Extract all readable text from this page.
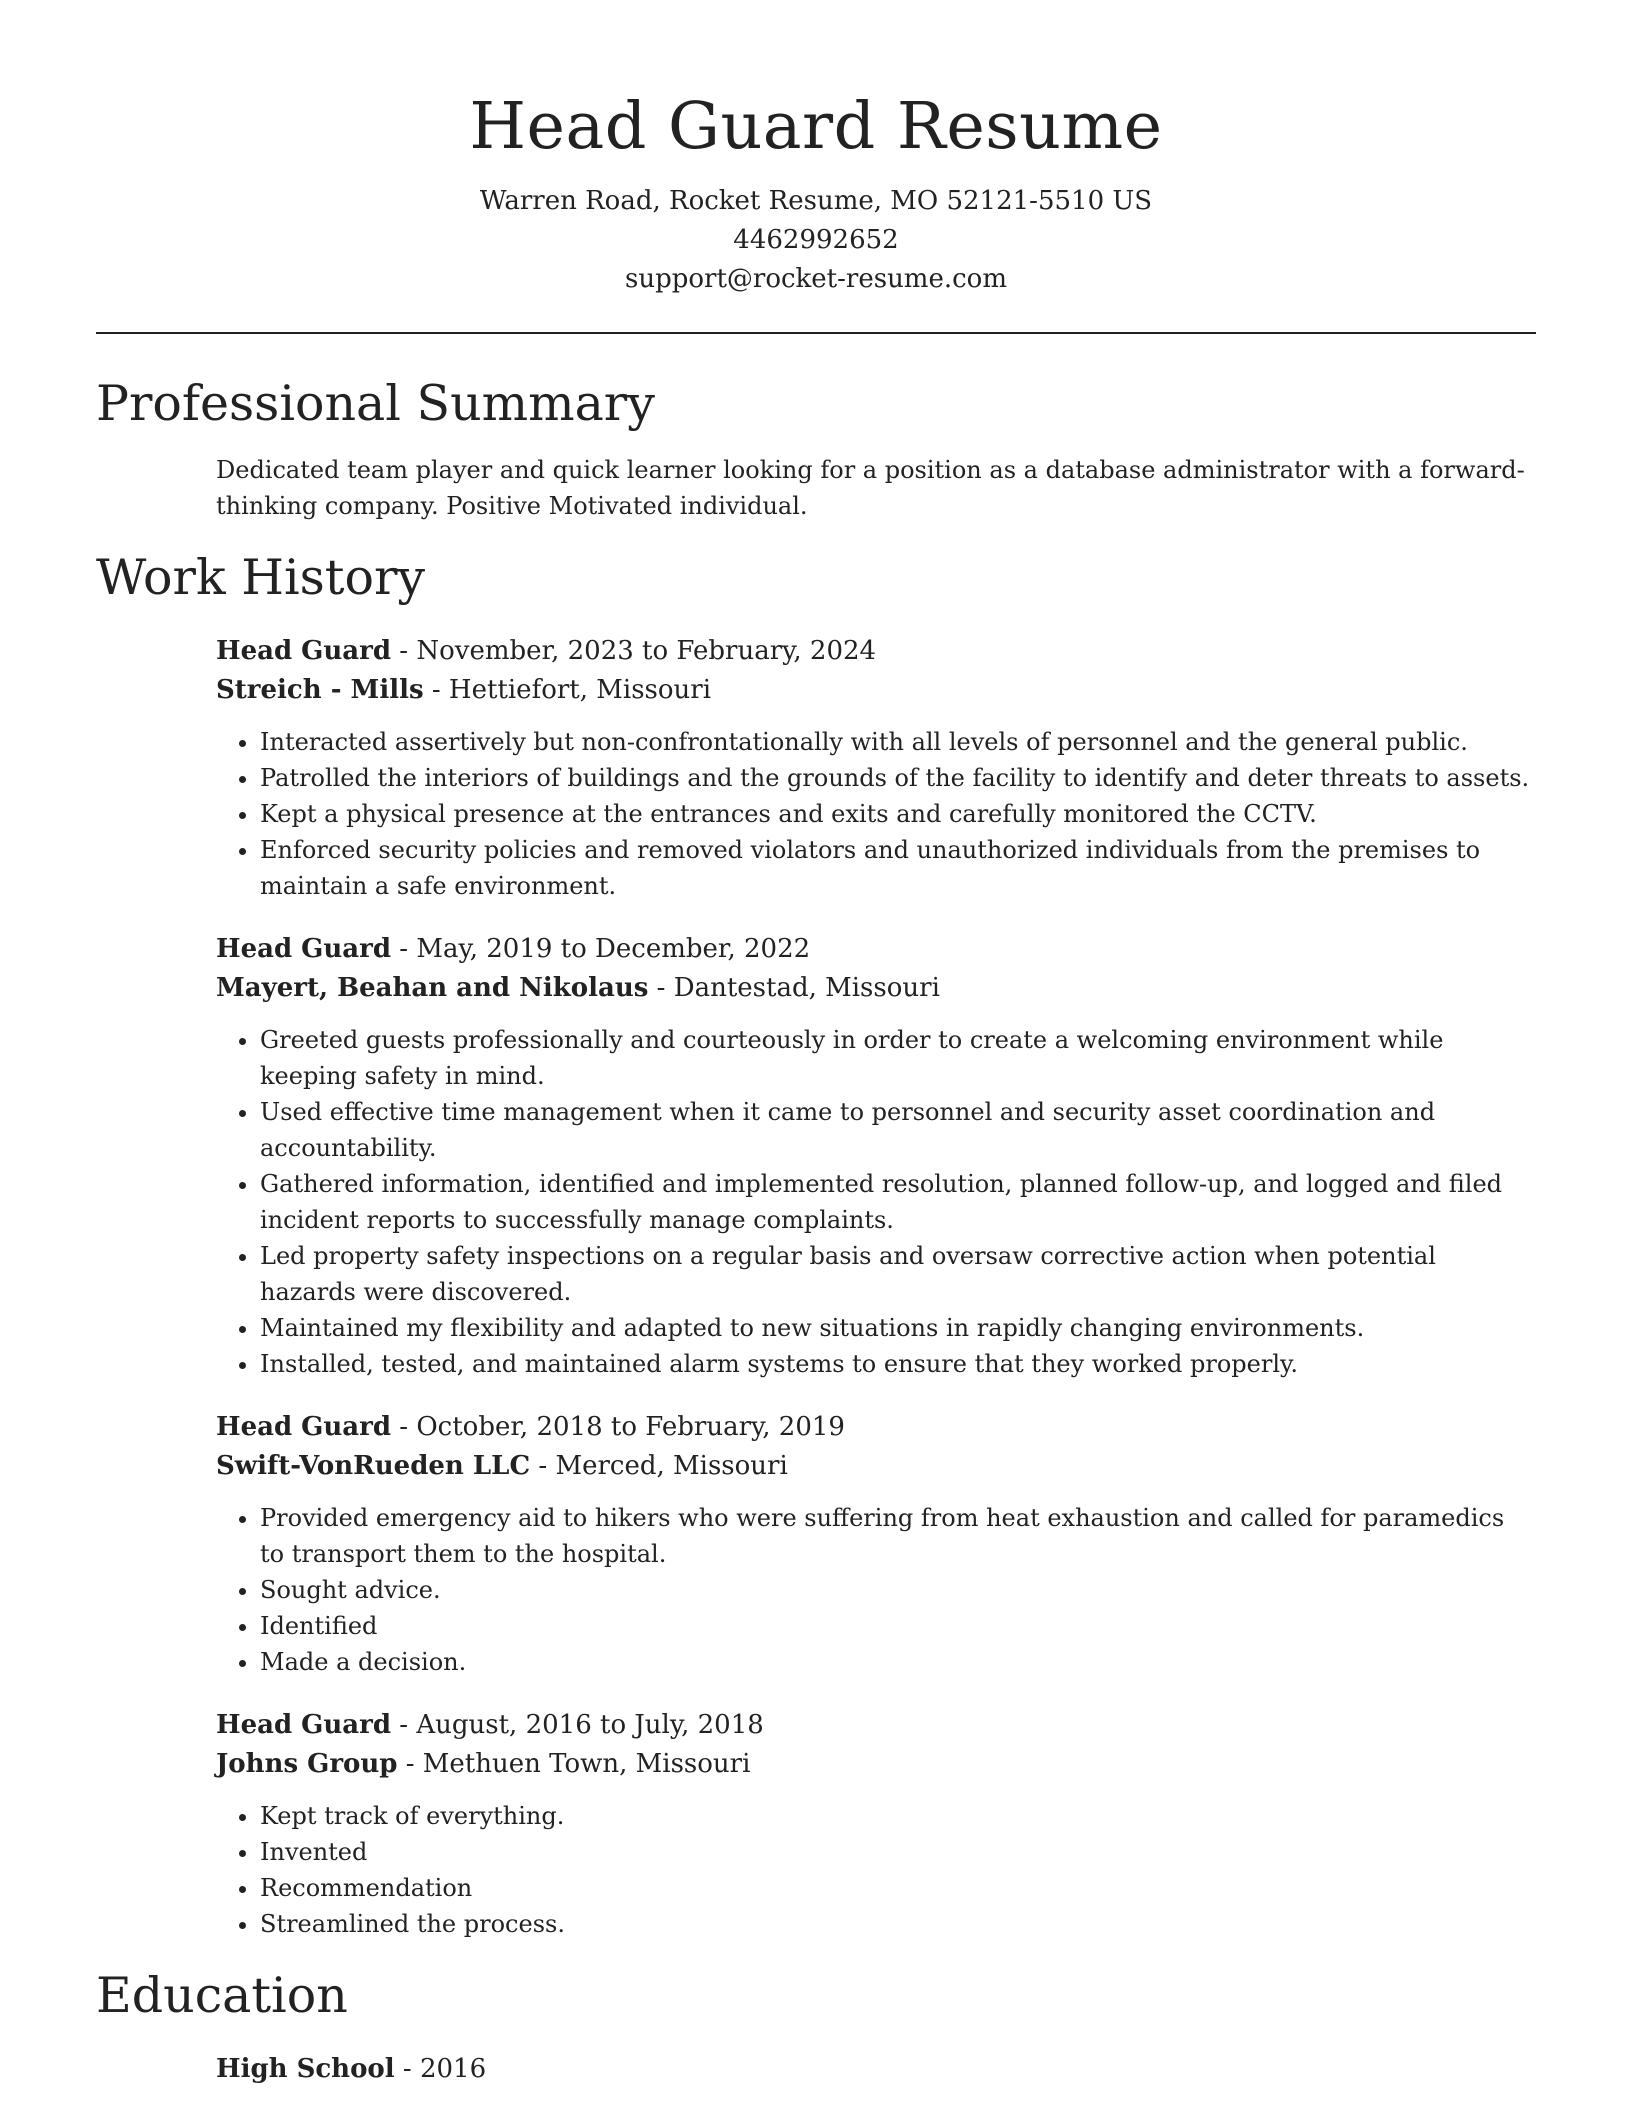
Head Guard Resume
Warren Road, Rocket Resume, MO 52121-5510 US
4462992652
support@rocket-resume.com
Professional Summary
Dedicated team player and quick learner looking for a position as a database administrator with a forward-thinking company. Positive Motivated individual.
Work History

Head Guard - November, 2023 to February, 2024

Streich - Mills - Hettiefort, Missouri

• Interacted assertively but non-confrontationally with all levels of personnel and the general public.
• Patrolled the interiors of buildings and the grounds of the facility to identify and deter threats to assets.
• Kept a physical presence at the entrances and exits and carefully monitored the CCTV.
• Enforced security policies and removed violators and unauthorized individuals from the premises to maintain a safe environment.

Head Guard - May, 2019 to December, 2022

Mayert, Beahan and Nikolaus - Dantestad, Missouri

• Greeted guests professionally and courteously in order to create a welcoming environment while keeping safety in mind.
• Used effective time management when it came to personnel and security asset coordination and accountability.
• Gathered information, identified and implemented resolution, planned follow-up, and logged and filed incident reports to successfully manage complaints.
• Led property safety inspections on a regular basis and oversaw corrective action when potential hazards were discovered.
• Maintained my flexibility and adapted to new situations in rapidly changing environments.
• Installed, tested, and maintained alarm systems to ensure that they worked properly.

Head Guard - October, 2018 to February, 2019

Swift-VonRueden LLC - Merced, Missouri

• Provided emergency aid to hikers who were suffering from heat exhaustion and called for paramedics to transport them to the hospital.
• Sought advice.
• Identified
• Made a decision.

Head Guard - August, 2016 to July, 2018

Johns Group - Methuen Town, Missouri

• Kept track of everything.
• Invented
• Recommendation
• Streamlined the process.
Education
High School - 2016
